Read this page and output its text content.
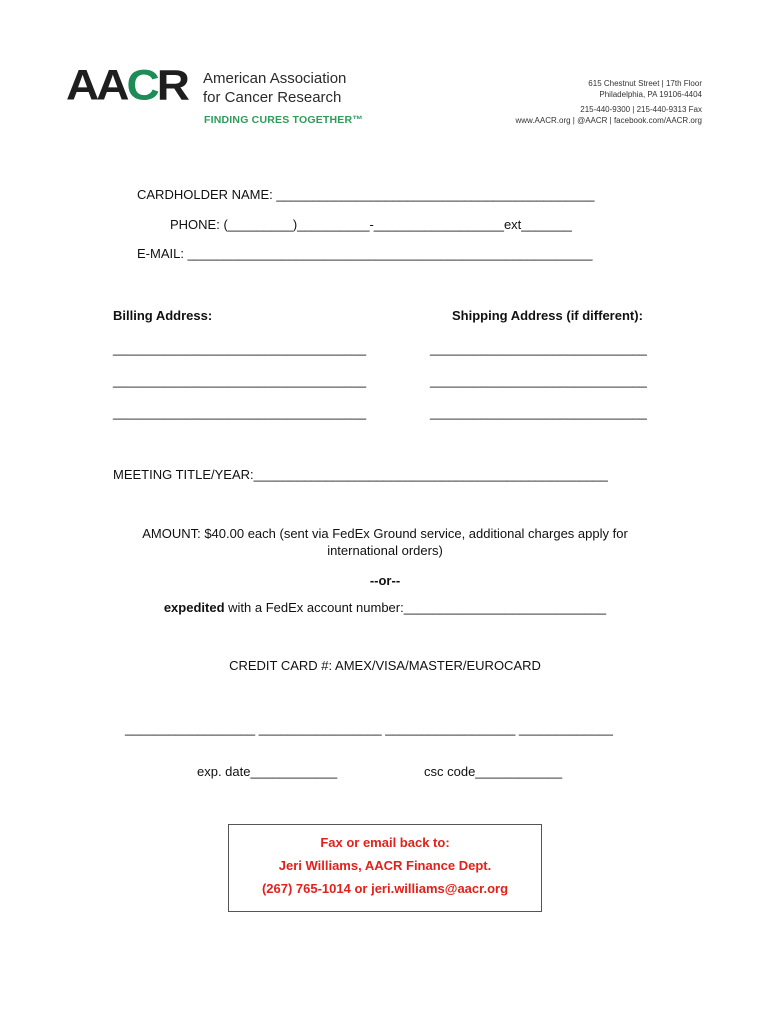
AACR American Association
for Cancer Research
FINDING CURES TOGETHER™
615 Chestnut Street | 17th Floor
Philadelphia, PA 19106-4404
215-440-9300 | 215-440-9313 Fax
www.AACR.org | @AACR | facebook.com/AACR.org
CARDHOLDER NAME: ____________________________________________
PHONE: (_________)__________-__________________ext_______
E-MAIL: ________________________________________________________
Billing Address:	Shipping Address (if different):
___________________________________
___________________________________
___________________________________
______________________________
______________________________
______________________________
MEETING TITLE/YEAR:_________________________________________________
AMOUNT: $40.00 each (sent via FedEx Ground service, additional charges apply for
international orders)
--or--
expedited with a FedEx account number:____________________________
CREDIT CARD #: AMEX/VISA/MASTER/EUROCARD
__________________ _________________ __________________ _____________
exp. date____________	csc code____________
Fax or email back to:
Jeri Williams, AACR Finance Dept.
(267) 765-1014 or jeri.williams@aacr.org
